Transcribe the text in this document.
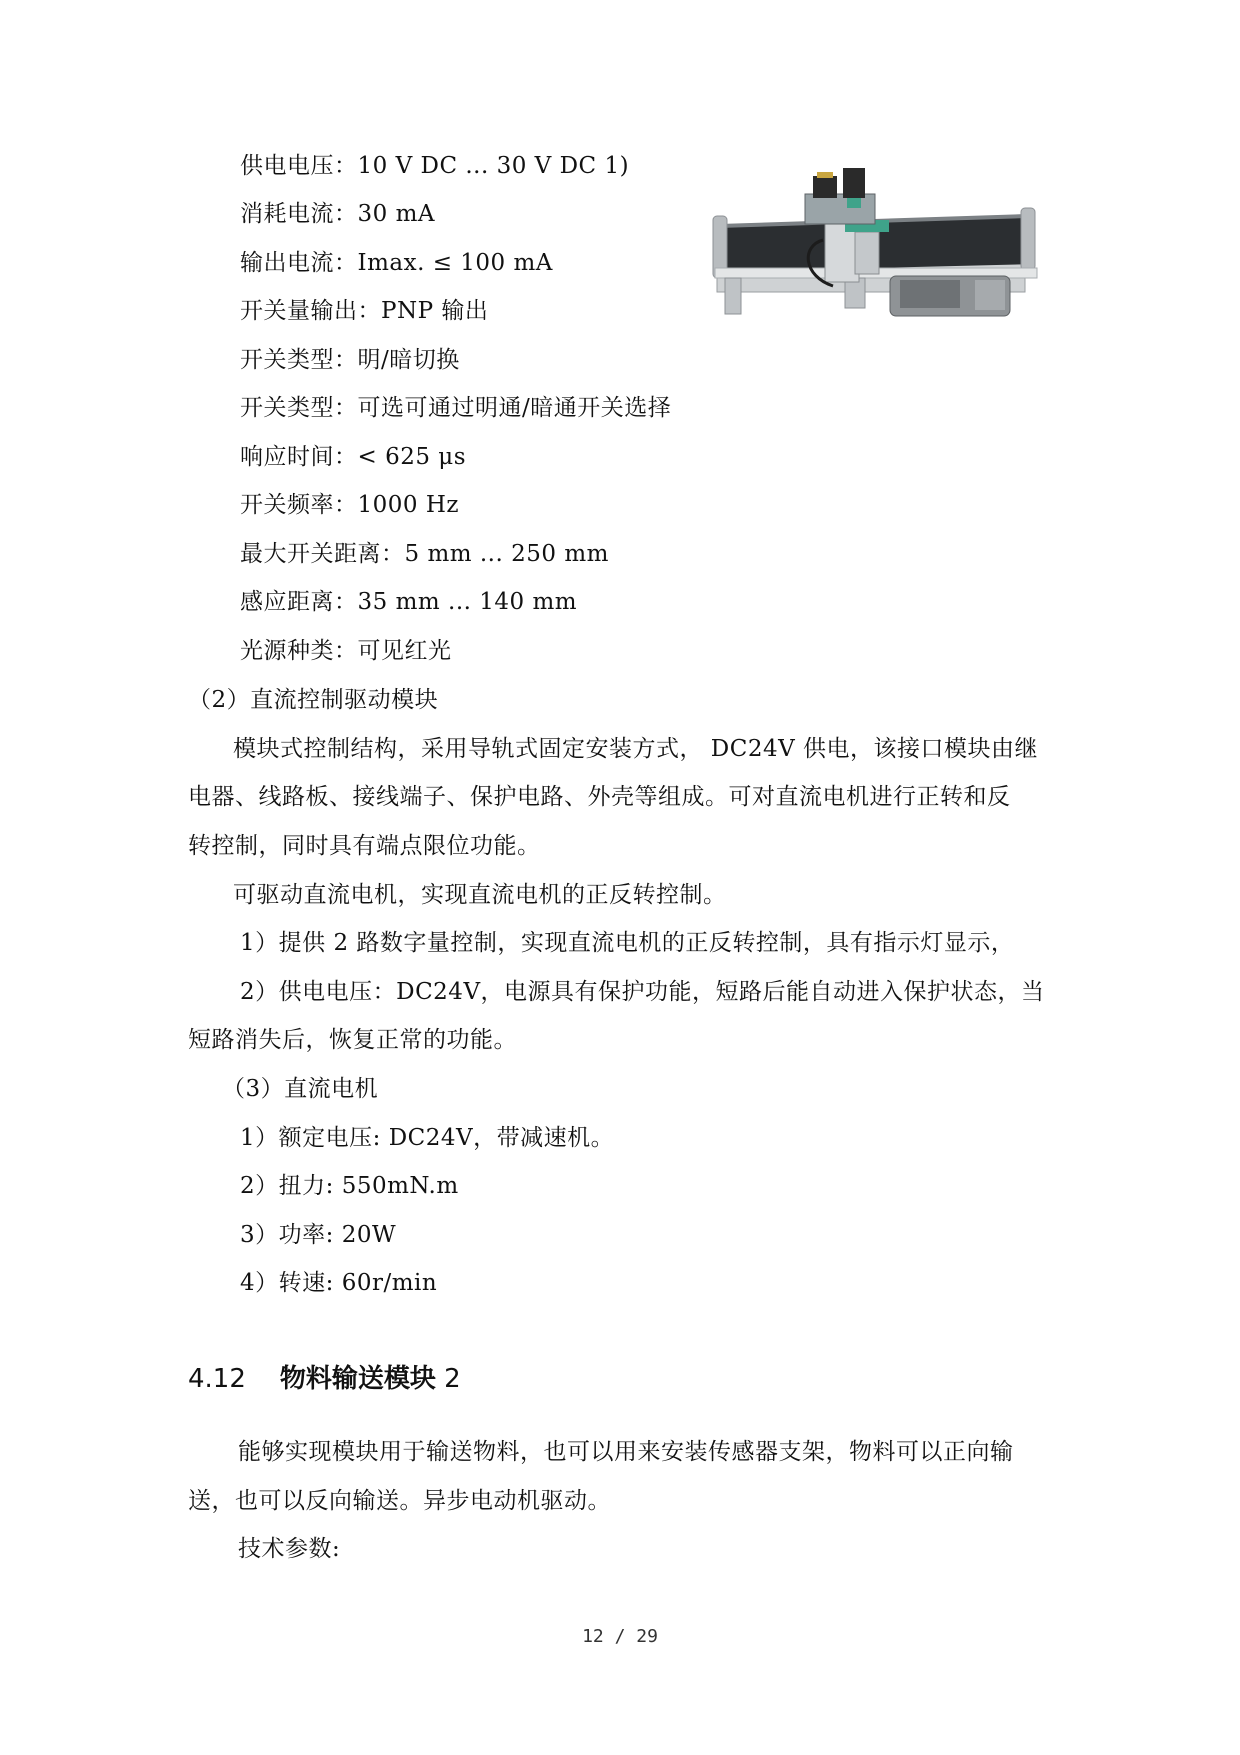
供电电压：10 V DC ... 30 V DC 1)
消耗电流：30 mA
输出电流：Imax. ≤ 100 mA
开关量输出：PNP 输出
开关类型：明/暗切换
开关类型：可选可通过明通/暗通开关选择
响应时间：< 625 μs
开关频率：1000 Hz
最大开关距离：5 mm ... 250 mm
感应距离：35 mm ... 140 mm
光源种类：可见红光
（2）直流控制驱动模块
模块式控制结构，采用导轨式固定安装方式， DC24V 供电，该接口模块由继
电器、线路板、接线端子、保护电路、外壳等组成。可对直流电机进行正转和反
转控制，同时具有端点限位功能。
可驱动直流电机，实现直流电机的正反转控制。
1）提供 2 路数字量控制，实现直流电机的正反转控制，具有指示灯显示，
2）供电电压：DC24V，电源具有保护功能，短路后能自动进入保护状态，当
短路消失后，恢复正常的功能。
（3）直流电机
1）额定电压: DC24V，带减速机。
2）扭力: 550mN.m
3）功率: 20W
4）转速: 60r/min
4.12 物料输送模块 2
能够实现模块用于输送物料，也可以用来安装传感器支架，物料可以正向输
送，也可以反向输送。异步电动机驱动。
技术参数:
12 / 29
